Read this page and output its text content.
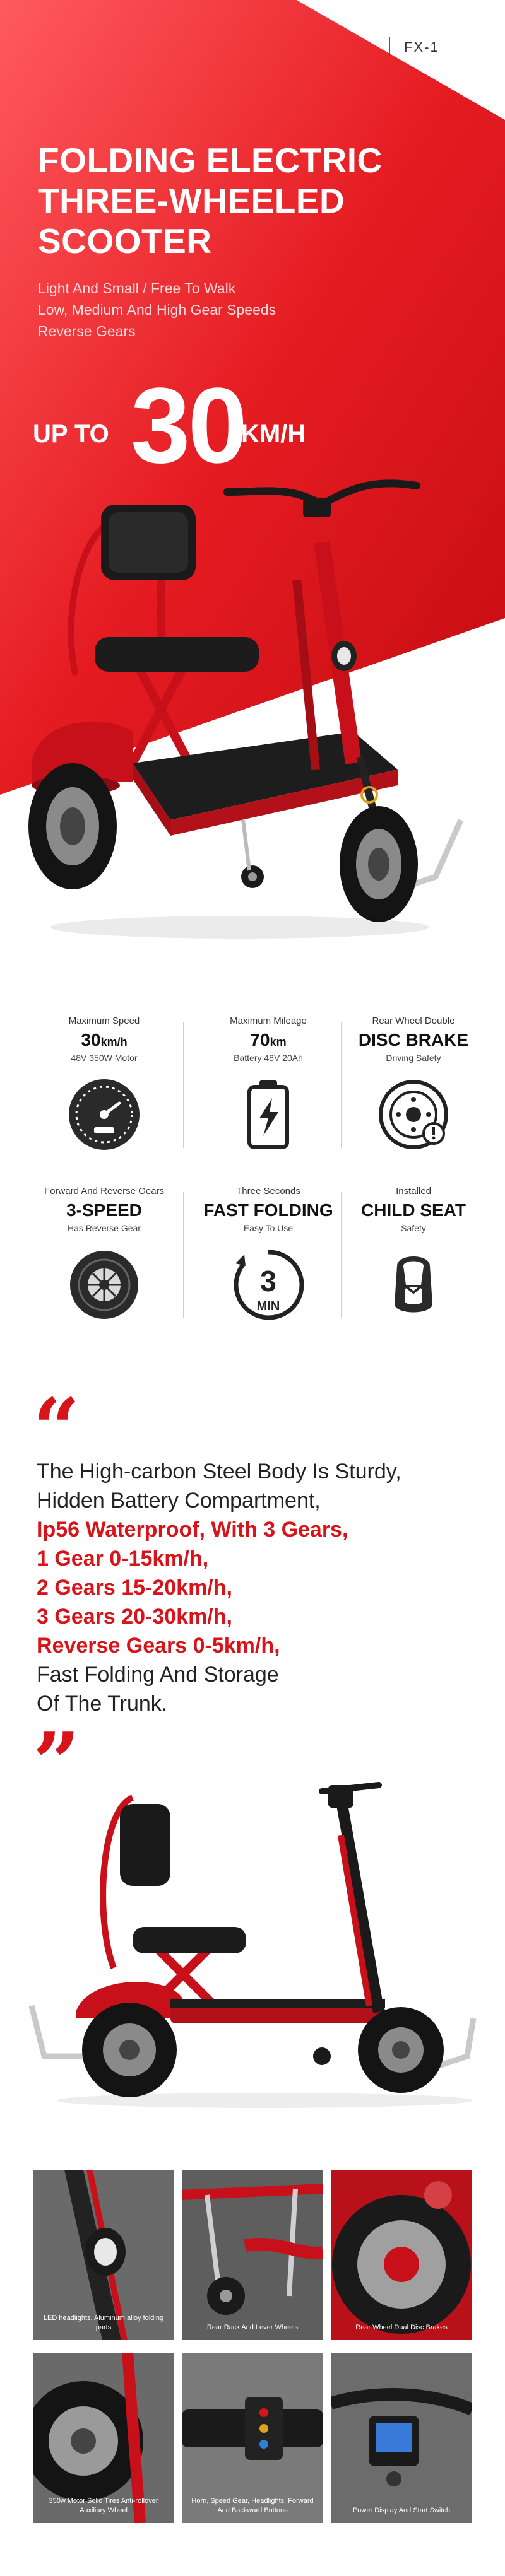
FX-1
FOLDING ELECTRIC
THREE-WHEELED
SCOOTER
Light And Small / Free To Walk
Low, Medium And High Gear Speeds
Reverse Gears
UP TO 30
KM/H
Maximum Speed
30km/h
48V 350W Motor
Maximum Mileage
70km
Battery 48V 20Ah
Rear Wheel Double
DISC BRAKE
Driving Safety
Forward And Reverse Gears
3-SPEED
Has Reverse Gear
Three Seconds
FAST FOLDING
Easy To Use
3
MIN
Installed
CHILD SEAT
Safety
“
The High-carbon Steel Body Is Sturdy,
Hidden Battery Compartment,
Ip56 Waterproof, With 3 Gears,
1 Gear 0-15km/h,
2 Gears 15-20km/h,
3 Gears 20-30km/h,
Reverse Gears 0-5km/h,
Fast Folding And Storage
Of The Trunk.
”
LED headlights, Aluminum alloy folding parts	Rear Rack And Lever Wheels	Rear Wheel Dual Disc Brakes
350w Motor Solid Tires Anti-rollover Auxiliary Wheel
Horn, Speed Gear, Headlights, Forward And Backward Buttons	Power Display And Start Switch
